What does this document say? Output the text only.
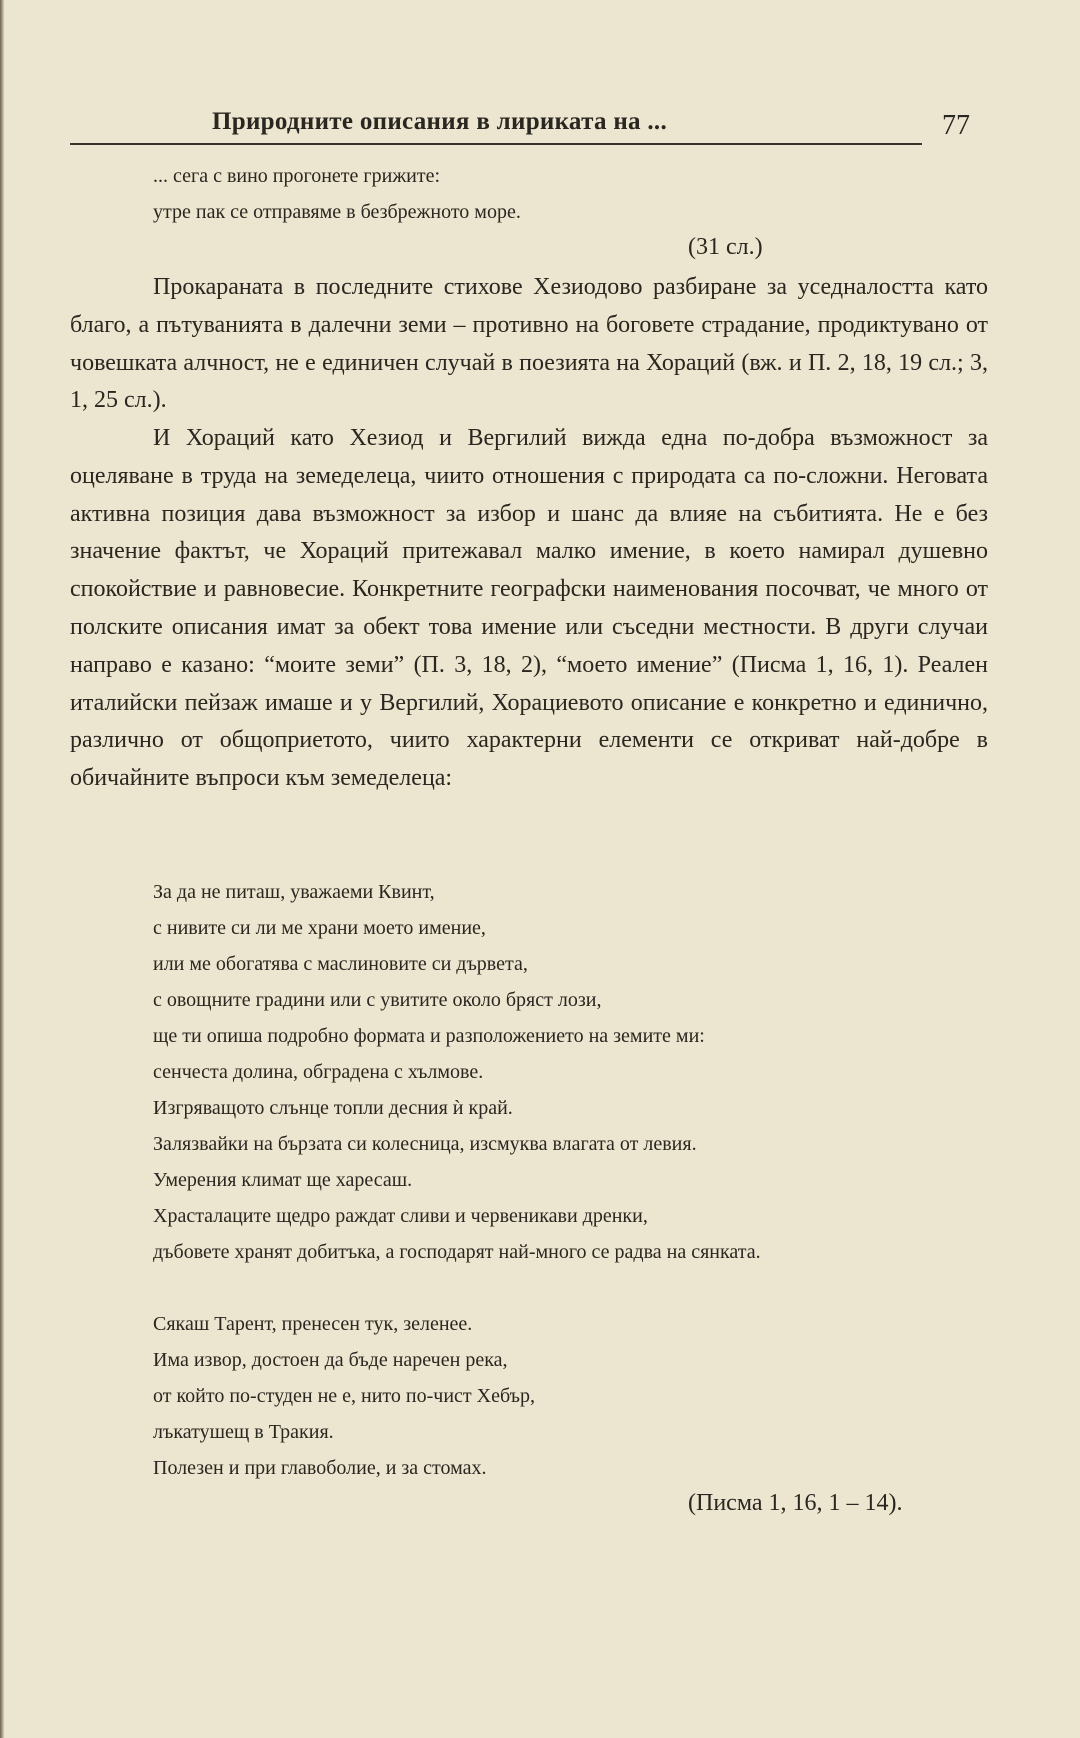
Природните описания в лириката на ...	77
... сега с вино прогонете грижите:
утре пак се отправяме в безбрежното море.
(31 сл.)
Прокараната в последните стихове Хезиодово разбиране за уседналостта като благо, а пътуванията в далечни земи – противно на боговете страдание, продиктувано от човешката алчност, не е единичен случай в поезията на Хораций (вж. и П. 2, 18, 19 сл.; 3, 1, 25 сл.).
И Хораций като Хезиод и Вергилий вижда една по-добра възможност за оцеляване в труда на земеделеца, чиито отношения с природата са по-сложни. Неговата активна позиция дава възможност за избор и шанс да влияе на събитията. Не е без значение фактът, че Хораций притежавал малко имение, в което намирал душевно спокойствие и равновесие. Конкретните географски наименования посочват, че много от полските описания имат за обект това имение или съседни местности. В други случаи направо е казано: “моите земи” (П. 3, 18, 2), “моето имение” (Писма 1, 16, 1). Реален италийски пейзаж имаше и у Вергилий, Хорациевото описание е конкретно и единично, различно от общоприетото, чиито характерни елементи се откриват най-добре в обичайните въпроси към земеделеца:
За да не питаш, уважаеми Квинт,
с нивите си ли ме храни моето имение,
или ме обогатява с маслиновите си дървета,
с овощните градини или с увитите около бряст лози,
ще ти опиша подробно формата и разположението на земите ми:
сенчеста долина, обградена с хълмове.
Изгряващото слънце топли десния ѝ край.
Залязвайки на бързата си колесница, изсмуква влагата от левия.
Умерения климат ще харесаш.
Храсталаците щедро раждат сливи и червеникави дренки,
дъбовете хранят добитъка, а господарят най-много се радва на сянката.
Сякаш Тарент, пренесен тук, зеленее.
Има извор, достоен да бъде наречен река,
от който по-студен не е, нито по-чист Хебър,
лъкатушещ в Тракия.
Полезен и при главоболие, и за стомах.
(Писма 1, 16, 1 – 14).
